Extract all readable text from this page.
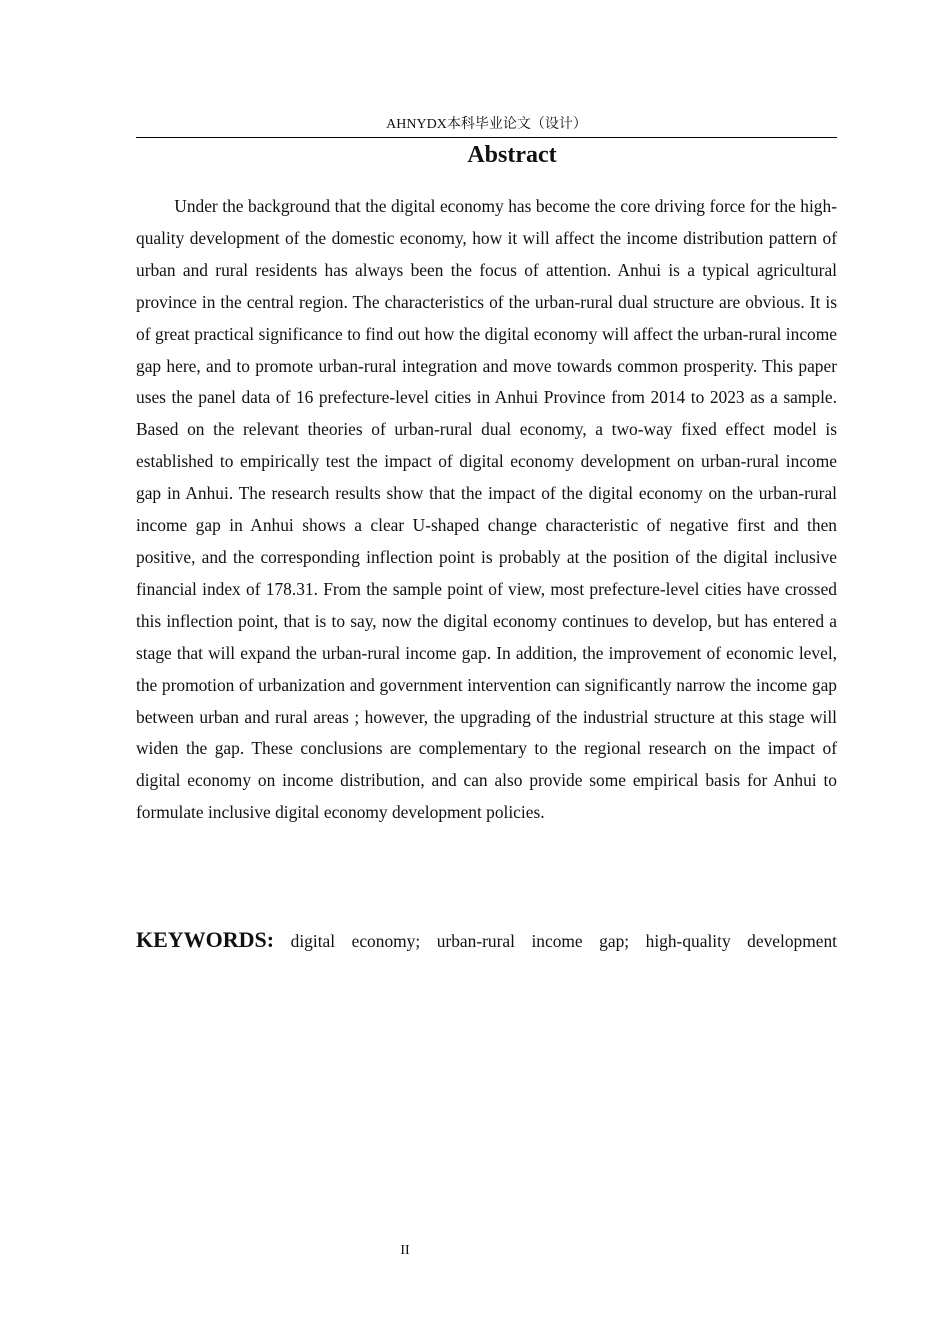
AHNYDX本科毕业论文（设计）
Abstract

Under the background that the digital economy has become the core driving force for the high-quality development of the domestic economy, how it will affect the income distribution pattern of urban and rural residents has always been the focus of attention. Anhui is a typical agricultural province in the central region. The characteristics of the urban-rural dual structure are obvious. It is of great practical significance to find out how the digital economy will affect the urban-rural income gap here, and to promote urban-rural integration and move towards common prosperity. This paper uses the panel data of 16 prefecture-level cities in Anhui Province from 2014 to 2023 as a sample. Based on the relevant theories of urban-rural dual economy, a two-way fixed effect model is established to empirically test the impact of digital economy development on urban-rural income gap in Anhui. The research results show that the impact of the digital economy on the urban-rural income gap in Anhui shows a clear U-shaped change characteristic of negative first and then positive, and the corresponding inflection point is probably at the position of the digital inclusive financial index of 178.31. From the sample point of view, most prefecture-level cities have crossed this inflection point, that is to say, now the digital economy continues to develop, but has entered a stage that will expand the urban-rural income gap. In addition, the improvement of economic level, the promotion of urbanization and government intervention can significantly narrow the income gap between urban and rural areas ; however, the upgrading of the industrial structure at this stage will widen the gap. These conclusions are complementary to the regional research on the impact of digital economy on income distribution, and can also provide some empirical basis for Anhui to formulate inclusive digital economy development policies.

KEYWORDS: digital economy; urban-rural income gap; high-quality development

II
